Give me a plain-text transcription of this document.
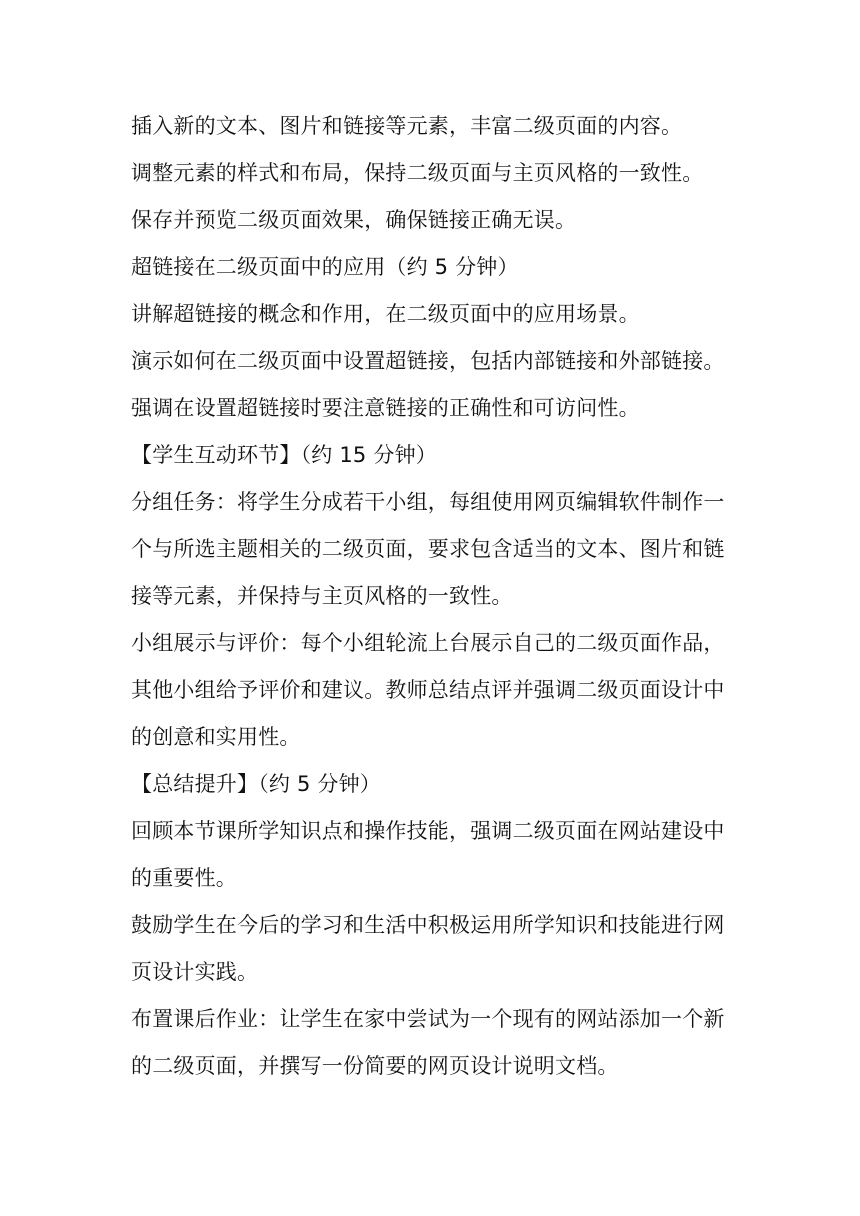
插入新的文本、图片和链接等元素，丰富二级页面的内容。

调整元素的样式和布局，保持二级页面与主页风格的一致性。

保存并预览二级页面效果，确保链接正确无误。

超链接在二级页面中的应用（约 5 分钟）

讲解超链接的概念和作用，在二级页面中的应用场景。

演示如何在二级页面中设置超链接，包括内部链接和外部链接。

强调在设置超链接时要注意链接的正确性和可访问性。

【学生互动环节】（约 15 分钟）

分组任务：将学生分成若干小组，每组使用网页编辑软件制作一个与所选主题相关的二级页面，要求包含适当的文本、图片和链接等元素，并保持与主页风格的一致性。

小组展示与评价：每个小组轮流上台展示自己的二级页面作品，其他小组给予评价和建议。教师总结点评并强调二级页面设计中的创意和实用性。

【总结提升】（约 5 分钟）

回顾本节课所学知识点和操作技能，强调二级页面在网站建设中的重要性。

鼓励学生在今后的学习和生活中积极运用所学知识和技能进行网页设计实践。

布置课后作业：让学生在家中尝试为一个现有的网站添加一个新的二级页面，并撰写一份简要的网页设计说明文档。
